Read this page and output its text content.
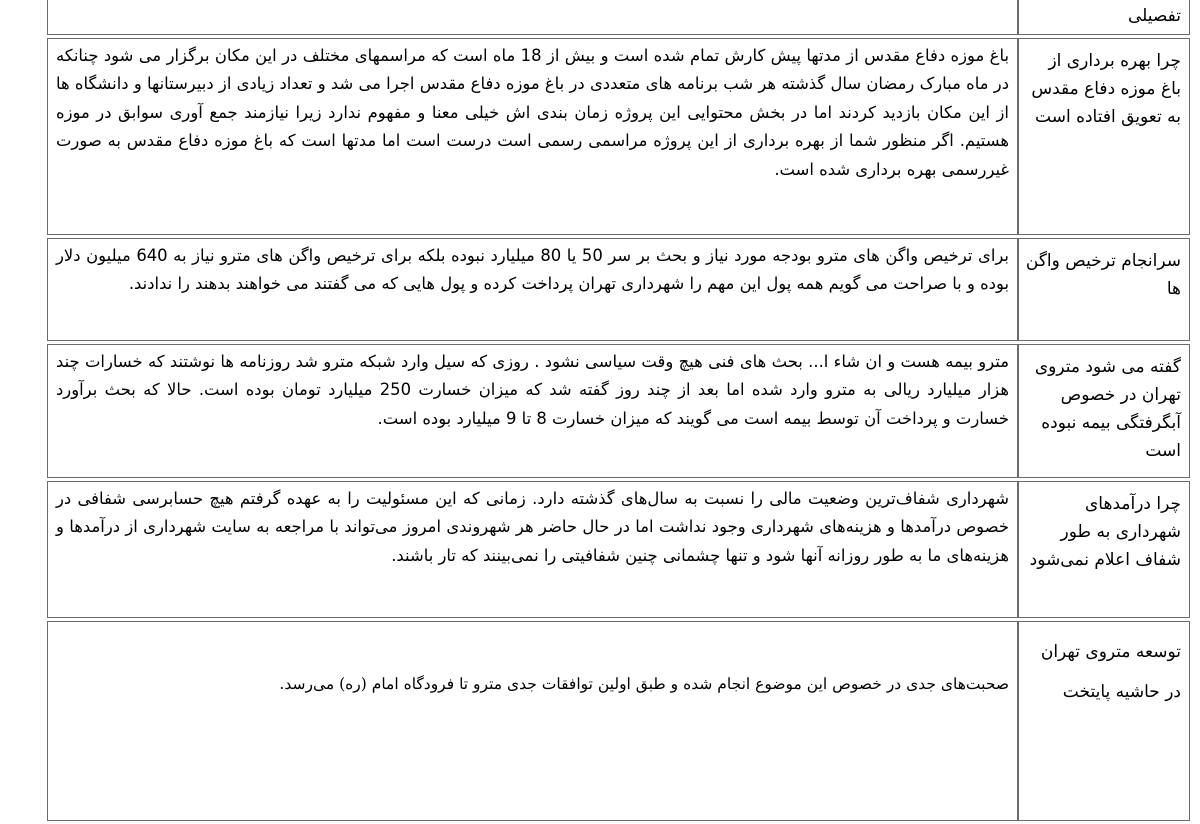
تفصیلی	

چرا بهره برداری از باغ موزه دفاع مقدس به تعویق افتاده است	باغ موزه دفاع مقدس از مدتها پیش کارش تمام شده است و بیش از 18 ماه است که مراسمهای مختلف در این مکان برگزار می شود چنانکه در ماه مبارک رمضان سال گذشته هر شب برنامه های متعددی در باغ موزه دفاع مقدس اجرا می شد و تعداد زیادی از دبیرستانها و دانشگاه ها از این مکان بازدید کردند اما در بخش محتوایی این پروژه زمان بندی اش خیلی معنا و مفهوم ندارد زیرا نیازمند جمع آوری سوابق در موزه هستیم. اگر منظور شما از بهره برداری از این پروژه مراسمی رسمی است درست است اما مدتها است که باغ موزه دفاع مقدس به صورت غیررسمی بهره برداری شده است.
سرانجام ترخیص واگن ها	برای ترخیص واگن های مترو بودجه مورد نیاز و بحث بر سر 50 یا 80 میلیارد نبوده بلکه برای ترخیص واگن های مترو نیاز به 640 میلیون دلار بوده و با صراحت می گویم همه پول این مهم را شهرداری تهران پرداخت کرده و پول هایی که می گفتند می خواهند بدهند را ندادند.
گفته می شود متروی تهران در خصوص آبگرفتگی بیمه نبوده است	مترو بیمه هست و ان شاء ا... بحث های فنی هیچ وقت سیاسی نشود . روزی که سیل وارد شبکه مترو شد روزنامه ها نوشتند که خسارات چند هزار میلیارد ریالی به مترو وارد شده اما بعد از چند روز گفته شد که میزان خسارت 250 میلیارد تومان بوده است. حالا که بحث برآورد خسارت و پرداخت آن توسط بیمه است می گویند که میزان خسارت 8 تا 9 میلیارد بوده است.
چرا درآمدهای شهرداری به طور شفاف اعلام نمی‌شود	شهرداری شفاف‌ترین وضعیت مالی را نسبت به سال‌های گذشته دارد. زمانی که این مسئولیت را به عهده گرفتم هیچ حسابرسی شفافی در خصوص درآمدها و هزینه‌های شهرداری وجود نداشت اما در حال حاضر هر شهروندی امروز می‌تواند با مراجعه به سایت شهرداری از درآمدها و هزینه‌های ما به طور روزانه آنها شود و تنها چشمانی چنین شفافیتی را نمی‌بینند که تار باشند.
توسعه متروی تهران در حاشیه پایتخت	صحبت‌های جدی در خصوص این موضوع انجام شده و طبق اولین توافقات جدی مترو تا فرودگاه امام (ره) می‌رسد.
